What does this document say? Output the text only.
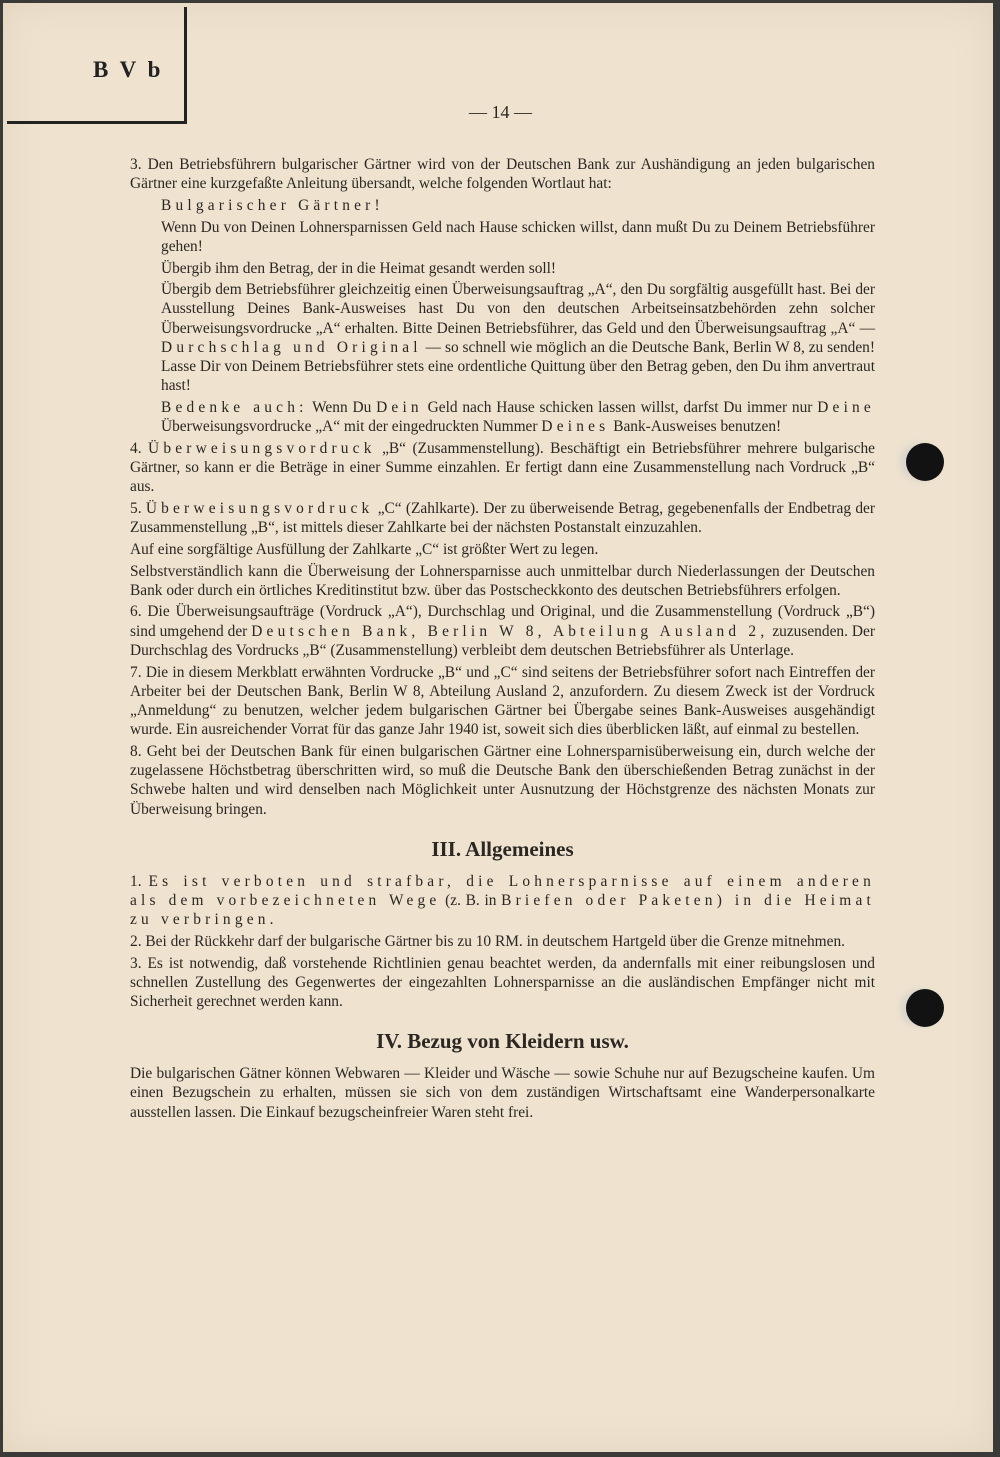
B V b
— 14 —

3. Den Betriebsführern bulgarischer Gärtner wird von der Deutschen Bank zur Aushändigung an jeden bulgarischen Gärtner eine kurzgefaßte Anleitung übersandt, welche folgenden Wortlaut hat:

Bulgarischer Gärtner!

Wenn Du von Deinen Lohnersparnissen Geld nach Hause schicken willst, dann mußt Du zu Deinem Betriebsführer gehen!

Übergib ihm den Betrag, der in die Heimat gesandt werden soll!

Übergib dem Betriebsführer gleichzeitig einen Überweisungsauftrag „A“, den Du sorgfältig ausgefüllt hast. Bei der Ausstellung Deines Bank-Ausweises hast Du von den deutschen Arbeitseinsatzbehörden zehn solcher Überweisungsvordrucke „A“ erhalten. Bitte Deinen Betriebsführer, das Geld und den Überweisungsauftrag „A“ — Durchschlag und Original — so schnell wie möglich an die Deutsche Bank, Berlin W 8, zu senden! Lasse Dir von Deinem Betriebsführer stets eine ordentliche Quittung über den Betrag geben, den Du ihm anvertraut hast!

Bedenke auch: Wenn Du Dein Geld nach Hause schicken lassen willst, darfst Du immer nur Deine Überweisungsvordrucke „A“ mit der eingedruckten Nummer Deines Bank-Ausweises benutzen!

4. Überweisungsvordruck „B“ (Zusammenstellung). Beschäftigt ein Betriebsführer mehrere bulgarische Gärtner, so kann er die Beträge in einer Summe einzahlen. Er fertigt dann eine Zusammenstellung nach Vordruck „B“ aus.

5. Überweisungsvordruck „C“ (Zahlkarte). Der zu überweisende Betrag, gegebenenfalls der Endbetrag der Zusammenstellung „B“, ist mittels dieser Zahlkarte bei der nächsten Postanstalt einzuzahlen.

Auf eine sorgfältige Ausfüllung der Zahlkarte „C“ ist größter Wert zu legen.

Selbstverständlich kann die Überweisung der Lohnersparnisse auch unmittelbar durch Niederlassungen der Deutschen Bank oder durch ein örtliches Kreditinstitut bzw. über das Postscheckkonto des deutschen Betriebsführers erfolgen.

6. Die Überweisungsaufträge (Vordruck „A“), Durchschlag und Original, und die Zusammenstellung (Vordruck „B“) sind umgehend der Deutschen Bank, Berlin W 8, Abteilung Ausland 2, zuzusenden. Der Durchschlag des Vordrucks „B“ (Zusammenstellung) verbleibt dem deutschen Betriebsführer als Unterlage.

7. Die in diesem Merkblatt erwähnten Vordrucke „B“ und „C“ sind seitens der Betriebsführer sofort nach Eintreffen der Arbeiter bei der Deutschen Bank, Berlin W 8, Abteilung Ausland 2, anzufordern. Zu diesem Zweck ist der Vordruck „Anmeldung“ zu benutzen, welcher jedem bulgarischen Gärtner bei Übergabe seines Bank-Ausweises ausgehändigt wurde. Ein ausreichender Vorrat für das ganze Jahr 1940 ist, soweit sich dies überblicken läßt, auf einmal zu bestellen.

8. Geht bei der Deutschen Bank für einen bulgarischen Gärtner eine Lohnersparnisüberweisung ein, durch welche der zugelassene Höchstbetrag überschritten wird, so muß die Deutsche Bank den überschießenden Betrag zunächst in der Schwebe halten und wird denselben nach Möglichkeit unter Ausnutzung der Höchstgrenze des nächsten Monats zur Überweisung bringen.

III. Allgemeines

1. Es ist verboten und strafbar, die Lohnersparnisse auf einem anderen als dem vorbezeichneten Wege (z. B. in Briefen oder Paketen) in die Heimat zu verbringen.

2. Bei der Rückkehr darf der bulgarische Gärtner bis zu 10 RM. in deutschem Hartgeld über die Grenze mitnehmen.

3. Es ist notwendig, daß vorstehende Richtlinien genau beachtet werden, da andernfalls mit einer reibungslosen und schnellen Zustellung des Gegenwertes der eingezahlten Lohnersparnisse an die ausländischen Empfänger nicht mit Sicherheit gerechnet werden kann.

IV. Bezug von Kleidern usw.

Die bulgarischen Gätner können Webwaren — Kleider und Wäsche — sowie Schuhe nur auf Bezugscheine kaufen. Um einen Bezugschein zu erhalten, müssen sie sich von dem zuständigen Wirtschaftsamt eine Wanderpersonalkarte ausstellen lassen. Die Einkauf bezugscheinfreier Waren steht frei.
